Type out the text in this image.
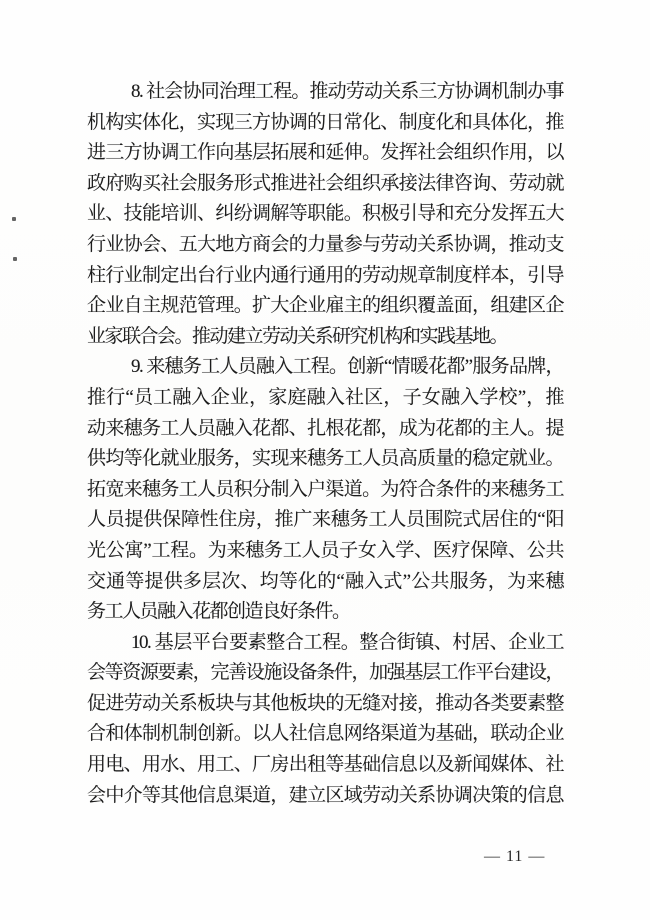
8. 社会协同治理工程。推动劳动关系三方协调机制办事
机构实体化，实现三方协调的日常化、制度化和具体化，推
进三方协调工作向基层拓展和延伸。发挥社会组织作用，以
政府购买社会服务形式推进社会组织承接法律咨询、劳动就
业、技能培训、纠纷调解等职能。积极引导和充分发挥五大
行业协会、五大地方商会的力量参与劳动关系协调，推动支
柱行业制定出台行业内通行通用的劳动规章制度样本，引导
企业自主规范管理。扩大企业雇主的组织覆盖面，组建区企
业家联合会。推动建立劳动关系研究机构和实践基地。
9. 来穗务工人员融入工程。创新“情暖花都”服务品牌，
推行“员工融入企业，家庭融入社区，子女融入学校”，推
动来穗务工人员融入花都、扎根花都，成为花都的主人。提
供均等化就业服务，实现来穗务工人员高质量的稳定就业。
拓宽来穗务工人员积分制入户渠道。为符合条件的来穗务工
人员提供保障性住房，推广来穗务工人员围院式居住的“阳
光公寓”工程。为来穗务工人员子女入学、医疗保障、公共
交通等提供多层次、均等化的“融入式”公共服务，为来穗
务工人员融入花都创造良好条件。
10. 基层平台要素整合工程。整合街镇、村居、企业工
会等资源要素，完善设施设备条件，加强基层工作平台建设，
促进劳动关系板块与其他板块的无缝对接，推动各类要素整
合和体制机制创新。以人社信息网络渠道为基础，联动企业
用电、用水、用工、厂房出租等基础信息以及新闻媒体、社
会中介等其他信息渠道，建立区域劳动关系协调决策的信息
— 11 —
